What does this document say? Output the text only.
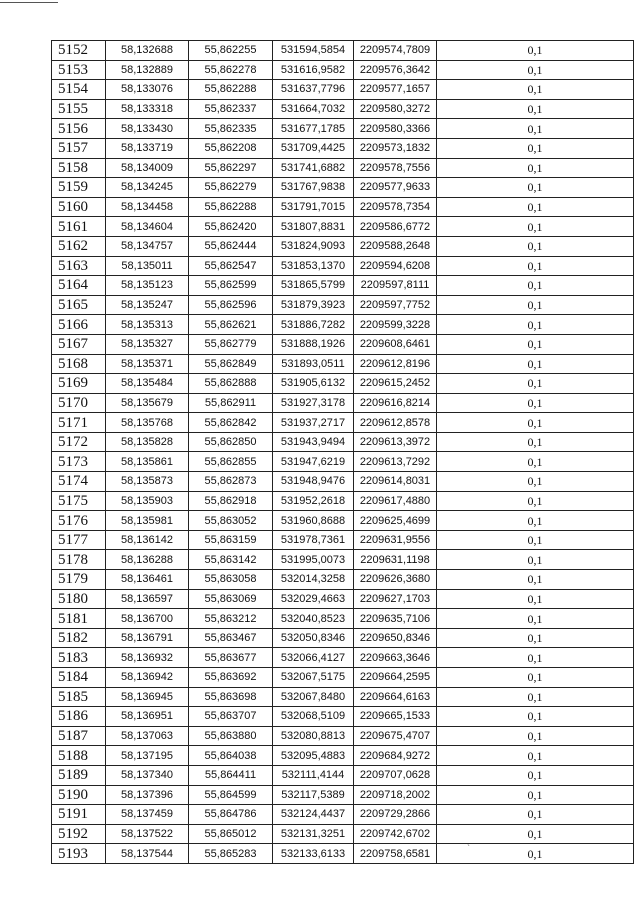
5152	58,132688	55,862255	531594,5854	2209574,7809	0,1
5153	58,132889	55,862278	531616,9582	2209576,3642	0,1
5154	58,133076	55,862288	531637,7796	2209577,1657	0,1
5155	58,133318	55,862337	531664,7032	2209580,3272	0,1
5156	58,133430	55,862335	531677,1785	2209580,3366	0,1
5157	58,133719	55,862208	531709,4425	2209573,1832	0,1
5158	58,134009	55,862297	531741,6882	2209578,7556	0,1
5159	58,134245	55,862279	531767,9838	2209577,9633	0,1
5160	58,134458	55,862288	531791,7015	2209578,7354	0,1
5161	58,134604	55,862420	531807,8831	2209586,6772	0,1
5162	58,134757	55,862444	531824,9093	2209588,2648	0,1
5163	58,135011	55,862547	531853,1370	2209594,6208	0,1
5164	58,135123	55,862599	531865,5799	2209597,8111	0,1
5165	58,135247	55,862596	531879,3923	2209597,7752	0,1
5166	58,135313	55,862621	531886,7282	2209599,3228	0,1
5167	58,135327	55,862779	531888,1926	2209608,6461	0,1
5168	58,135371	55,862849	531893,0511	2209612,8196	0,1
5169	58,135484	55,862888	531905,6132	2209615,2452	0,1
5170	58,135679	55,862911	531927,3178	2209616,8214	0,1
5171	58,135768	55,862842	531937,2717	2209612,8578	0,1
5172	58,135828	55,862850	531943,9494	2209613,3972	0,1
5173	58,135861	55,862855	531947,6219	2209613,7292	0,1
5174	58,135873	55,862873	531948,9476	2209614,8031	0,1
5175	58,135903	55,862918	531952,2618	2209617,4880	0,1
5176	58,135981	55,863052	531960,8688	2209625,4699	0,1
5177	58,136142	55,863159	531978,7361	2209631,9556	0,1
5178	58,136288	55,863142	531995,0073	2209631,1198	0,1
5179	58,136461	55,863058	532014,3258	2209626,3680	0,1
5180	58,136597	55,863069	532029,4663	2209627,1703	0,1
5181	58,136700	55,863212	532040,8523	2209635,7106	0,1
5182	58,136791	55,863467	532050,8346	2209650,8346	0,1
5183	58,136932	55,863677	532066,4127	2209663,3646	0,1
5184	58,136942	55,863692	532067,5175	2209664,2595	0,1
5185	58,136945	55,863698	532067,8480	2209664,6163	0,1
5186	58,136951	55,863707	532068,5109	2209665,1533	0,1
5187	58,137063	55,863880	532080,8813	2209675,4707	0,1
5188	58,137195	55,864038	532095,4883	2209684,9272	0,1
5189	58,137340	55,864411	532111,4144	2209707,0628	0,1
5190	58,137396	55,864599	532117,5389	2209718,2002	0,1
5191	58,137459	55,864786	532124,4437	2209729,2866	0,1
5192	58,137522	55,865012	532131,3251	2209742,6702	0,1
5193	58,137544	55,865283	532133,6133	2209758,6581	0,1
`
